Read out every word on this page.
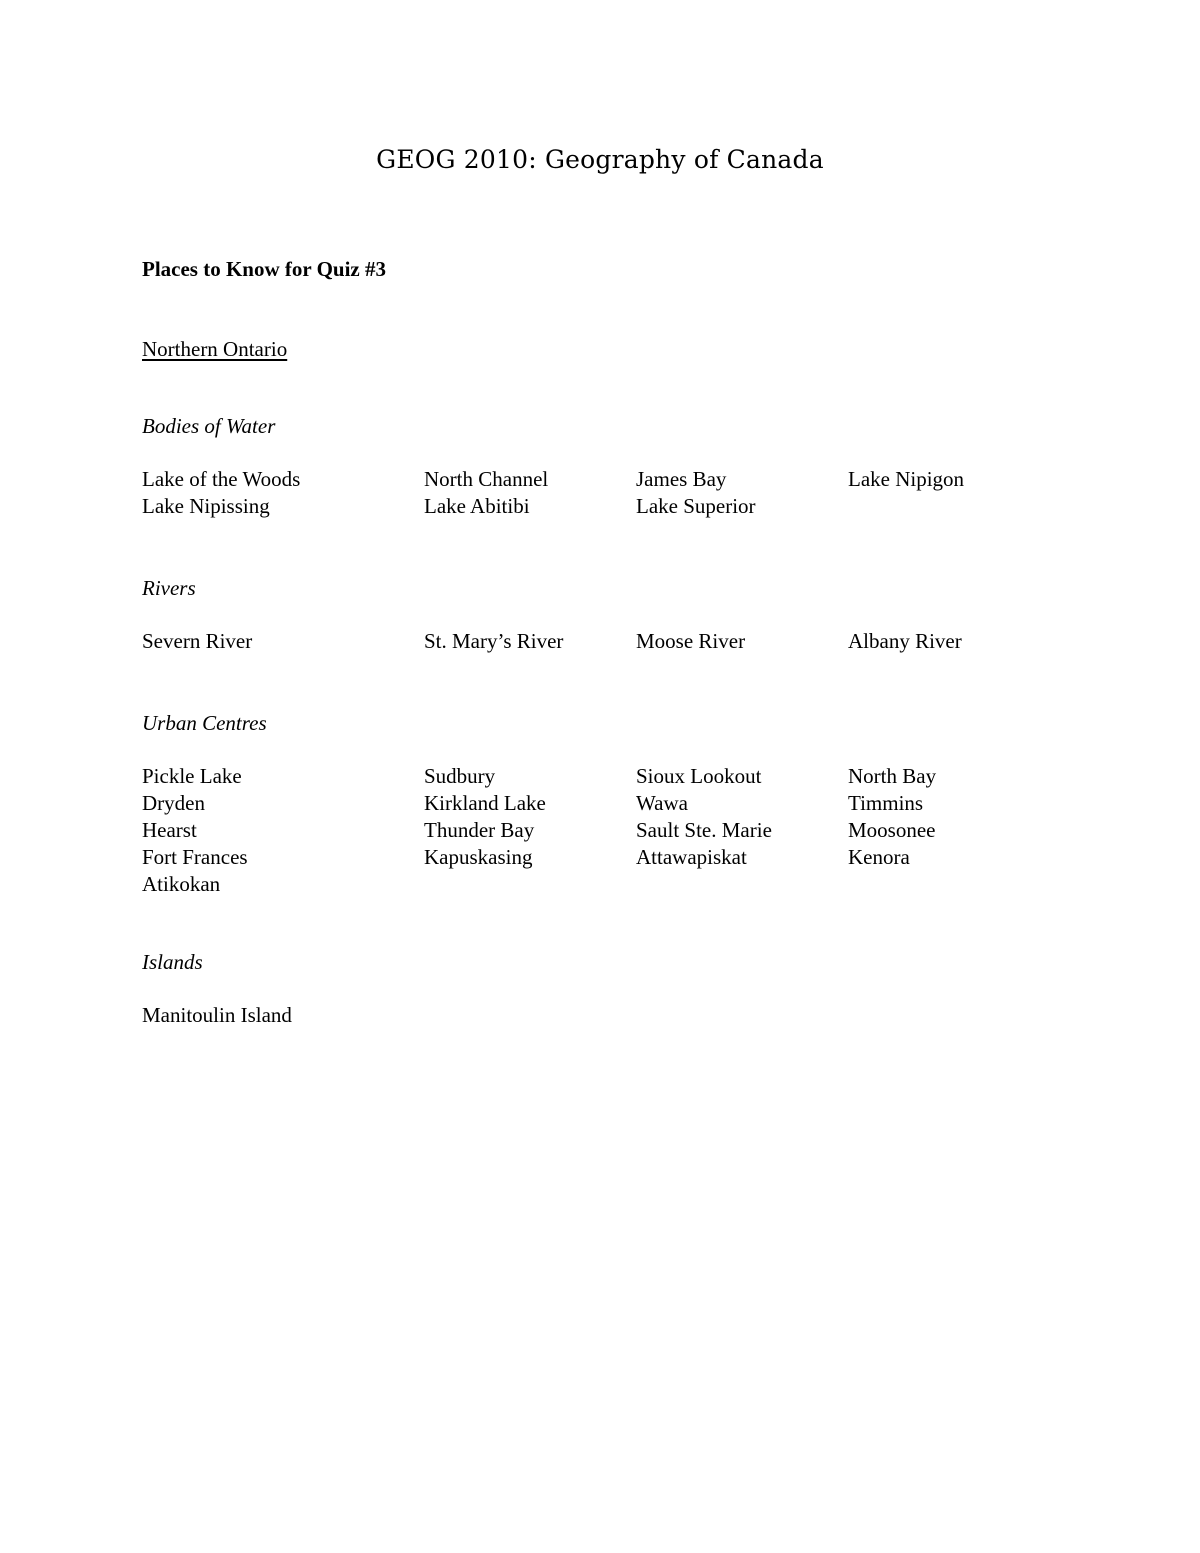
GEOG 2010: Geography of Canada
Places to Know for Quiz #3
Northern Ontario
Bodies of Water
Lake of the Woods	North Channel	James Bay	Lake Nipigon
Lake Nipissing	Lake Abitibi	Lake Superior
Rivers
Severn River	St. Mary’s River	Moose River	Albany River
Urban Centres
Pickle Lake	Sudbury	Sioux Lookout	North Bay
Dryden	Kirkland Lake	Wawa	Timmins
Hearst	Thunder Bay	Sault Ste. Marie	Moosonee
Fort Frances	Kapuskasing	Attawapiskat	Kenora
Atikokan
Islands
Manitoulin Island
